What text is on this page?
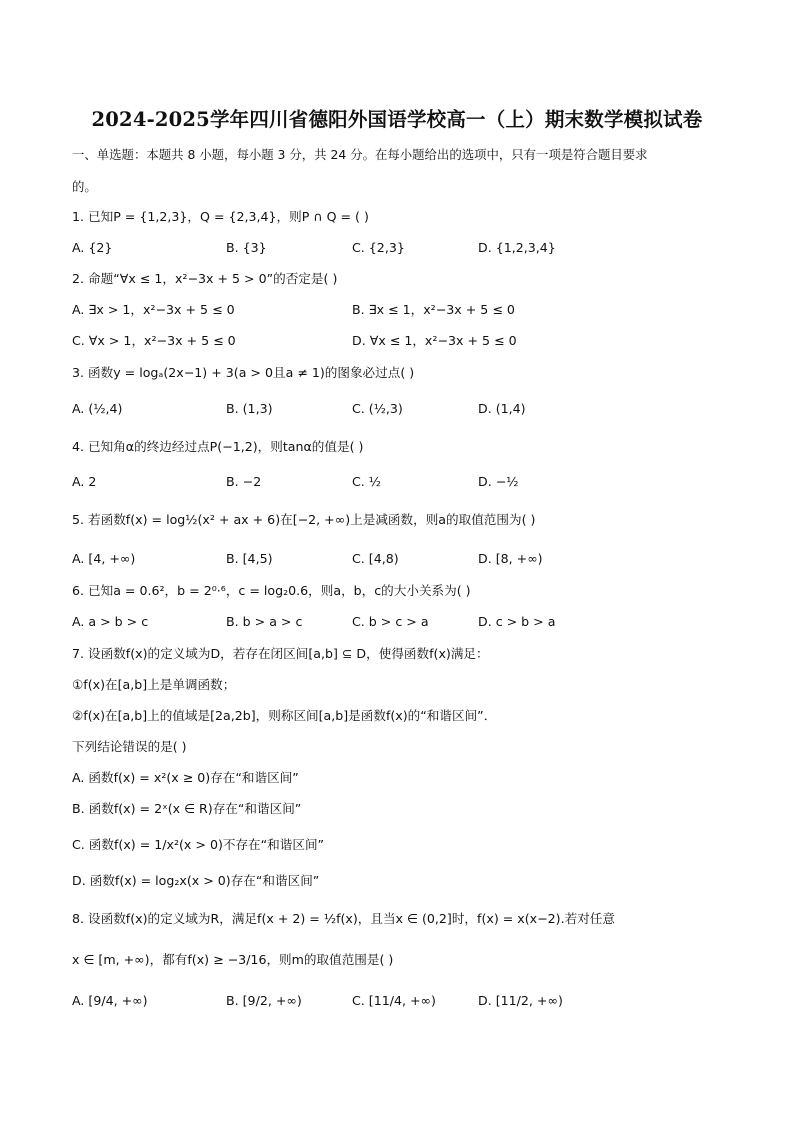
2024-2025学年四川省德阳外国语学校高一（上）期末数学模拟试卷
一、单选题：本题共 8 小题，每小题 3 分，共 24 分。在每小题给出的选项中，只有一项是符合题目要求
的。
1. 已知P = {1,2,3}，Q = {2,3,4}，则P ∩ Q = ( )
A. {2}	B. {3}	C. {2,3}	D. {1,2,3,4}
2. 命题“∀x ≤ 1，x²−3x + 5 > 0”的否定是( )
A. ∃x > 1，x²−3x + 5 ≤ 0	B. ∃x ≤ 1，x²−3x + 5 ≤ 0
C. ∀x > 1，x²−3x + 5 ≤ 0	D. ∀x ≤ 1，x²−3x + 5 ≤ 0
3. 函数y = logₐ(2x−1) + 3(a > 0且a ≠ 1)的图象必过点( )
A. (½,4)	B. (1,3)	C. (½,3)	D. (1,4)
4. 已知角α的终边经过点P(−1,2)，则tanα的值是( )
A. 2	B. −2	C. ½	D. −½
5. 若函数f(x) = log½(x² + ax + 6)在[−2, +∞)上是减函数，则a的取值范围为( )
A. [4, +∞)	B. [4,5)	C. [4,8)	D. [8, +∞)
6. 已知a = 0.6²，b = 2⁰·⁶，c = log₂0.6，则a，b，c的大小关系为( )
A. a > b > c	B. b > a > c	C. b > c > a	D. c > b > a
7. 设函数f(x)的定义域为D，若存在闭区间[a,b] ⊆ D，使得函数f(x)满足：
①f(x)在[a,b]上是单调函数；
②f(x)在[a,b]上的值域是[2a,2b]，则称区间[a,b]是函数f(x)的“和谐区间”．
下列结论错误的是( )
A. 函数f(x) = x²(x ≥ 0)存在“和谐区间”
B. 函数f(x) = 2ˣ(x ∈ R)存在“和谐区间”
C. 函数f(x) = 1/x²(x > 0)不存在“和谐区间”
D. 函数f(x) = log₂x(x > 0)存在“和谐区间”
8. 设函数f(x)的定义域为R，满足f(x + 2) = ½f(x)，且当x ∈ (0,2]时，f(x) = x(x−2).若对任意
x ∈ [m, +∞)，都有f(x) ≥ −3/16，则m的取值范围是( )
A. [9/4, +∞)	B. [9/2, +∞)	C. [11/4, +∞)	D. [11/2, +∞)
